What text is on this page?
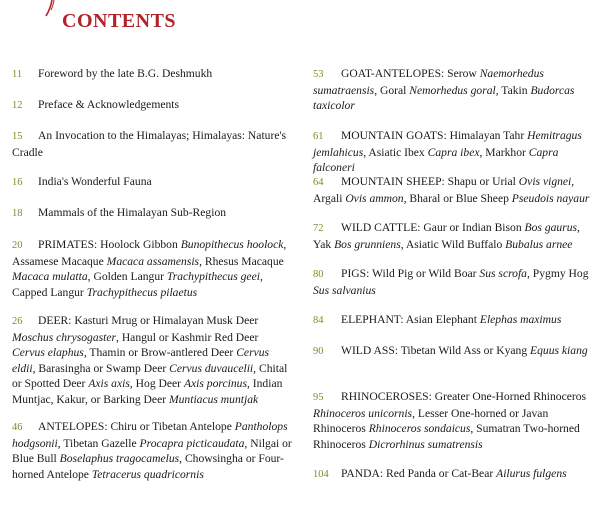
CONTENTS
11 Foreword by the late B.G. Deshmukh
12 Preface & Acknowledgements
15 An Invocation to the Himalayas; Himalayas: Nature's Cradle
16 India's Wonderful Fauna
18 Mammals of the Himalayan Sub-Region
20 PRIMATES: Hoolock Gibbon Bunopithecus hoolock, Assamese Macaque Macaca assamensis, Rhesus Macaque Macaca mulatta, Golden Langur Trachypithecus geei, Capped Langur Trachypithecus pilaetus
26 DEER: Kasturi Mrug or Himalayan Musk Deer Moschus chrysogaster, Hangul or Kashmir Red Deer Cervus elaphus, Thamin or Brow-antlered Deer Cervus eldii, Barasingha or Swamp Deer Cervus duvaucelii, Chital or Spotted Deer Axis axis, Hog Deer Axis porcinus, Indian Muntjac, Kakur, or Barking Deer Muntiacus muntjak
46 ANTELOPES: Chiru or Tibetan Antelope Pantholops hodgsonii, Tibetan Gazelle Procapra picticaudata, Nilgai or Blue Bull Boselaphus tragocamelus, Chowsingha or Four-horned Antelope Tetracerus quadricornis
53 GOAT-ANTELOPES: Serow Naemorhedus sumatraensis, Goral Nemorhedus goral, Takin Budorcas taxicolor
61 MOUNTAIN GOATS: Himalayan Tahr Hemitragus jemlahicus, Asiatic Ibex Capra ibex, Markhor Capra falconeri
64 MOUNTAIN SHEEP: Shapu or Urial Ovis vignei, Argali Ovis ammon, Bharal or Blue Sheep Pseudois nayaur
72 WILD CATTLE: Gaur or Indian Bison Bos gaurus, Yak Bos grunniens, Asiatic Wild Buffalo Bubalus arnee
80 PIGS: Wild Pig or Wild Boar Sus scrofa, Pygmy Hog Sus salvanius
84 ELEPHANT: Asian Elephant Elephas maximus
90 WILD ASS: Tibetan Wild Ass or Kyang Equus kiang
95 RHINOCEROSES: Greater One-Horned Rhinoceros Rhinoceros unicornis, Lesser One-horned or Javan Rhinoceros Rhinoceros sondaicus, Sumatran Two-horned Rhinoceros Dicrorhinus sumatrensis
104 PANDA: Red Panda or Cat-Bear Ailurus fulgens
